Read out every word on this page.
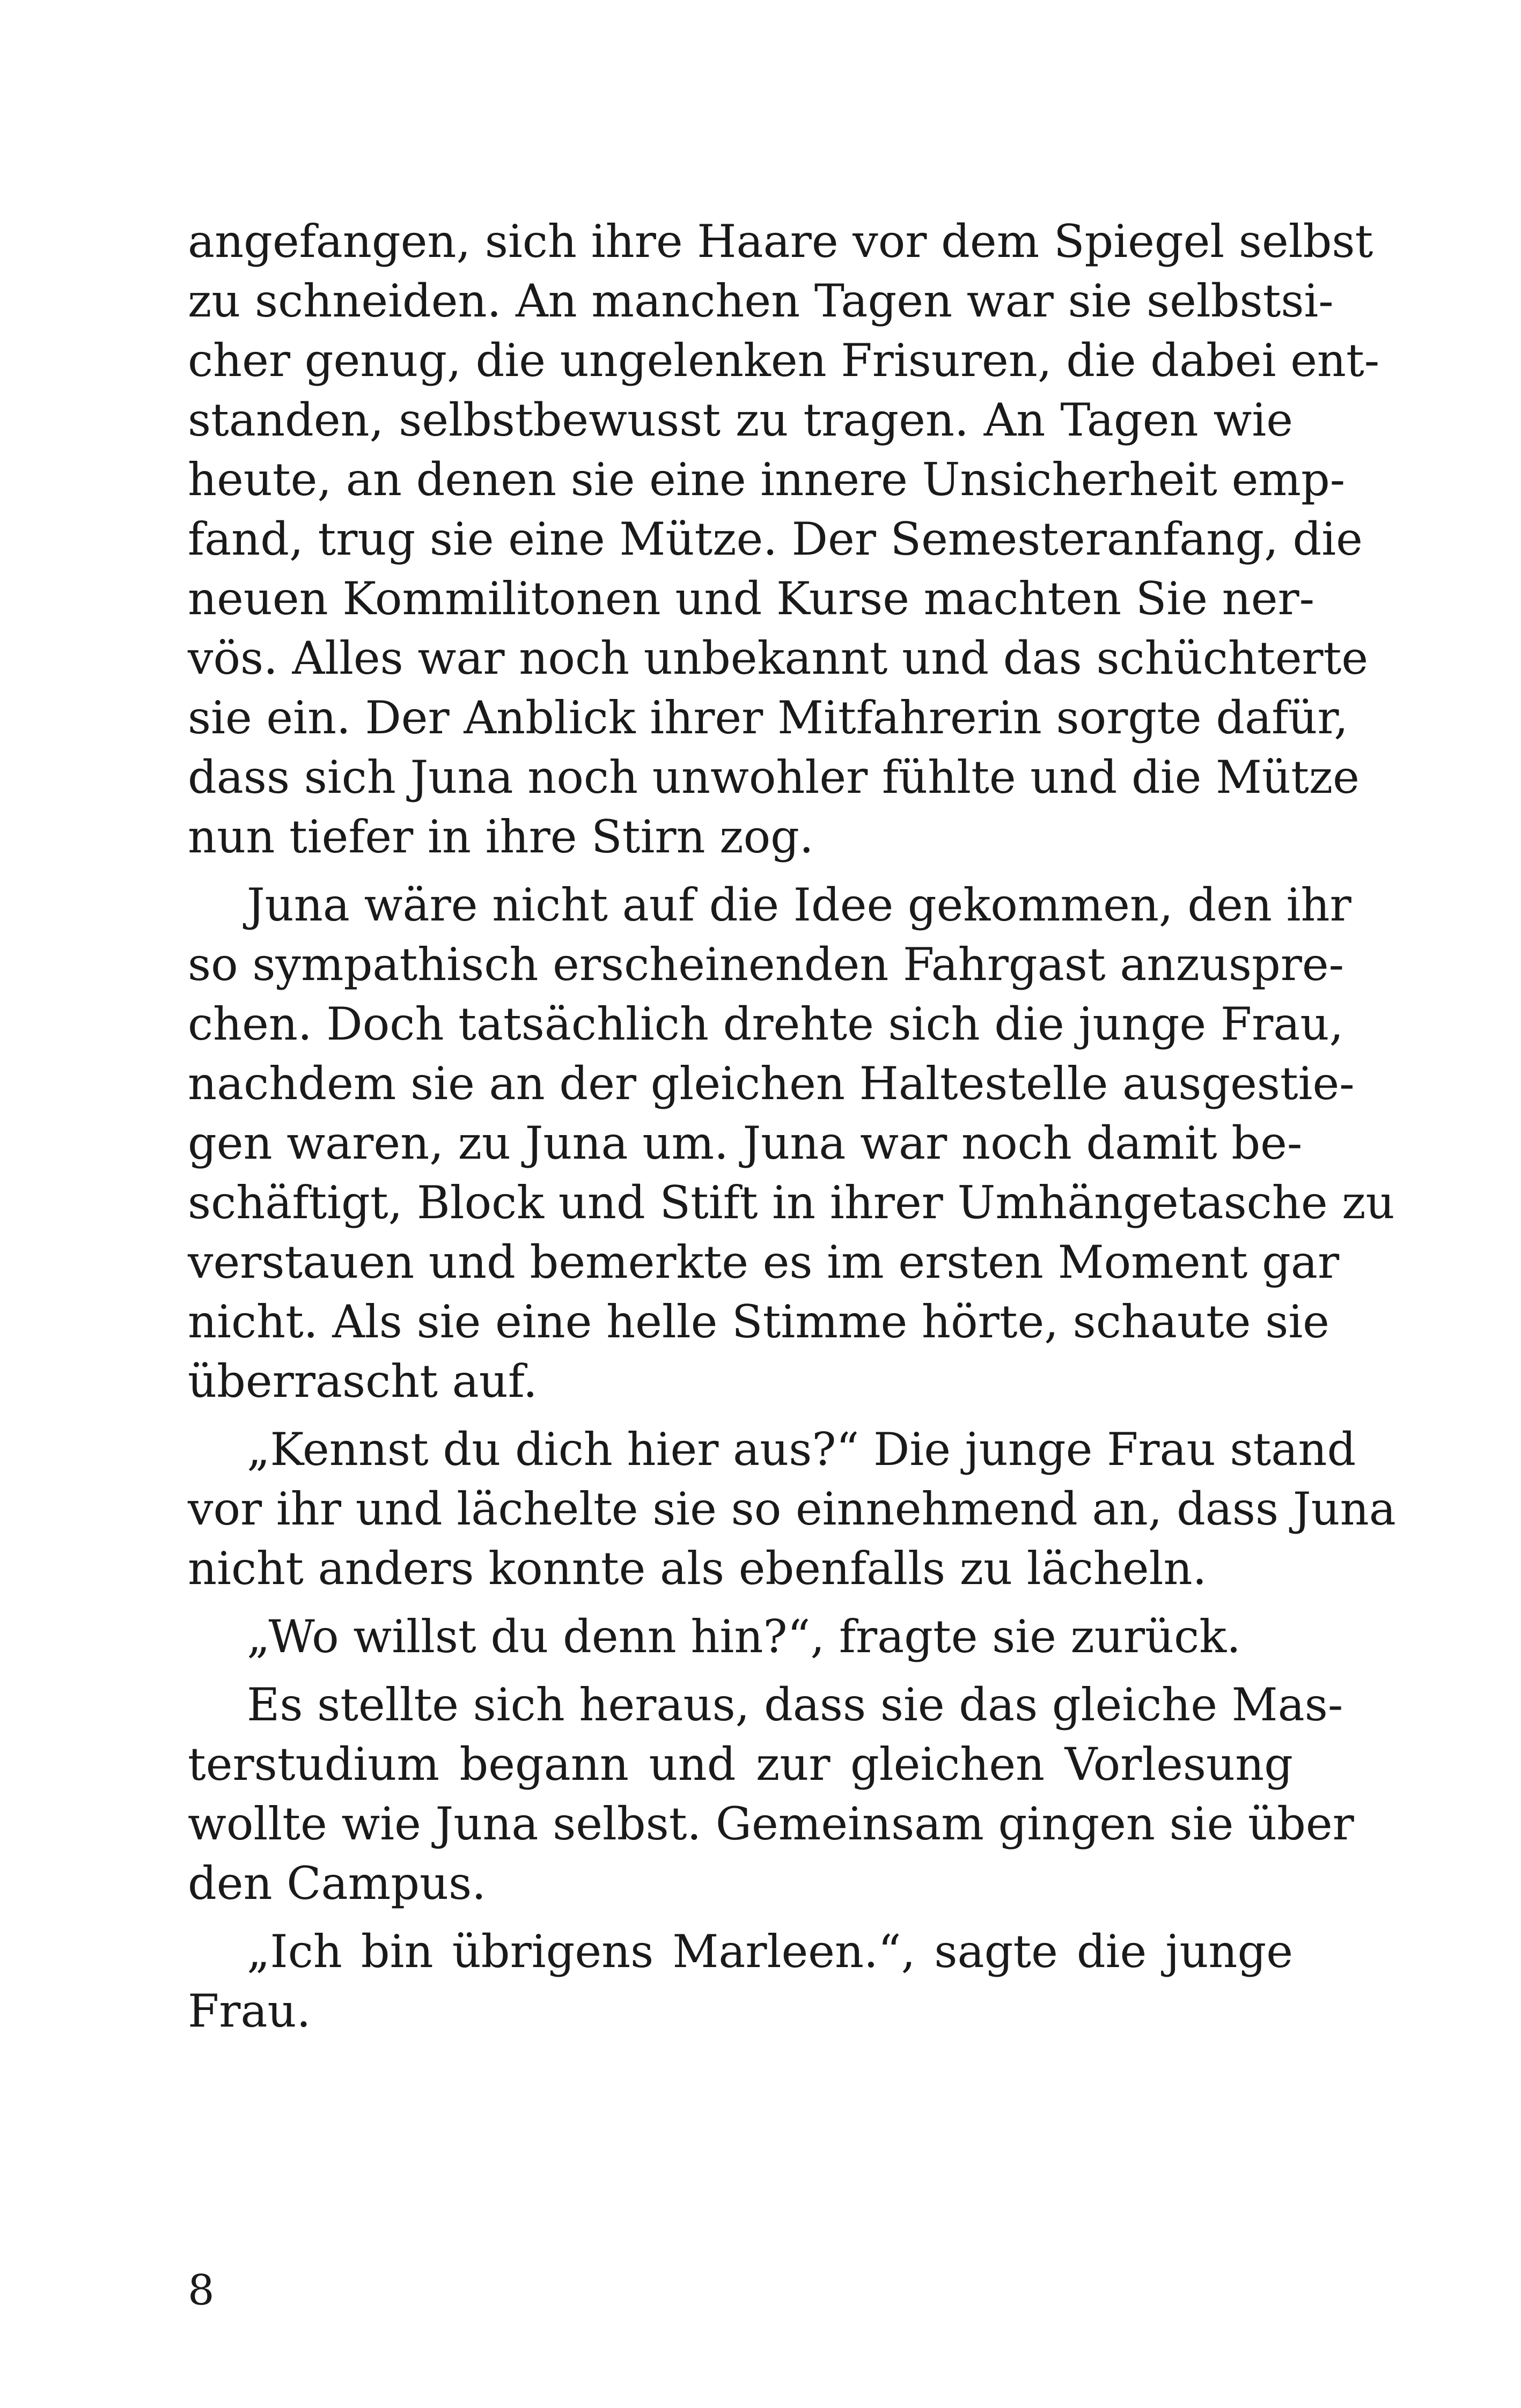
angefangen, sich ihre Haare vor dem Spiegel selbst
zu schneiden. An manchen Tagen war sie selbstsi-
cher genug, die ungelenken Frisuren, die dabei ent-
standen, selbstbewusst zu tragen. An Tagen wie
heute, an denen sie eine innere Unsicherheit emp-
fand, trug sie eine Mütze. Der Semesteranfang, die
neuen Kommilitonen und Kurse machten Sie ner-
vös. Alles war noch unbekannt und das schüchterte
sie ein. Der Anblick ihrer Mitfahrerin sorgte dafür,
dass sich Juna noch unwohler fühlte und die Mütze
nun tiefer in ihre Stirn zog.
Juna wäre nicht auf die Idee gekommen, den ihr
so sympathisch erscheinenden Fahrgast anzuspre-
chen. Doch tatsächlich drehte sich die junge Frau,
nachdem sie an der gleichen Haltestelle ausgestie-
gen waren, zu Juna um. Juna war noch damit be-
schäftigt, Block und Stift in ihrer Umhängetasche zu
verstauen und bemerkte es im ersten Moment gar
nicht. Als sie eine helle Stimme hörte, schaute sie
überrascht auf.
„Kennst du dich hier aus?“ Die junge Frau stand
vor ihr und lächelte sie so einnehmend an, dass Juna
nicht anders konnte als ebenfalls zu lächeln.
„Wo willst du denn hin?“, fragte sie zurück.
Es stellte sich heraus, dass sie das gleiche Mas-
terstudium begann und zur gleichen Vorlesung
wollte wie Juna selbst. Gemeinsam gingen sie über
den Campus.
„Ich bin übrigens Marleen.“, sagte die junge
Frau.
8
